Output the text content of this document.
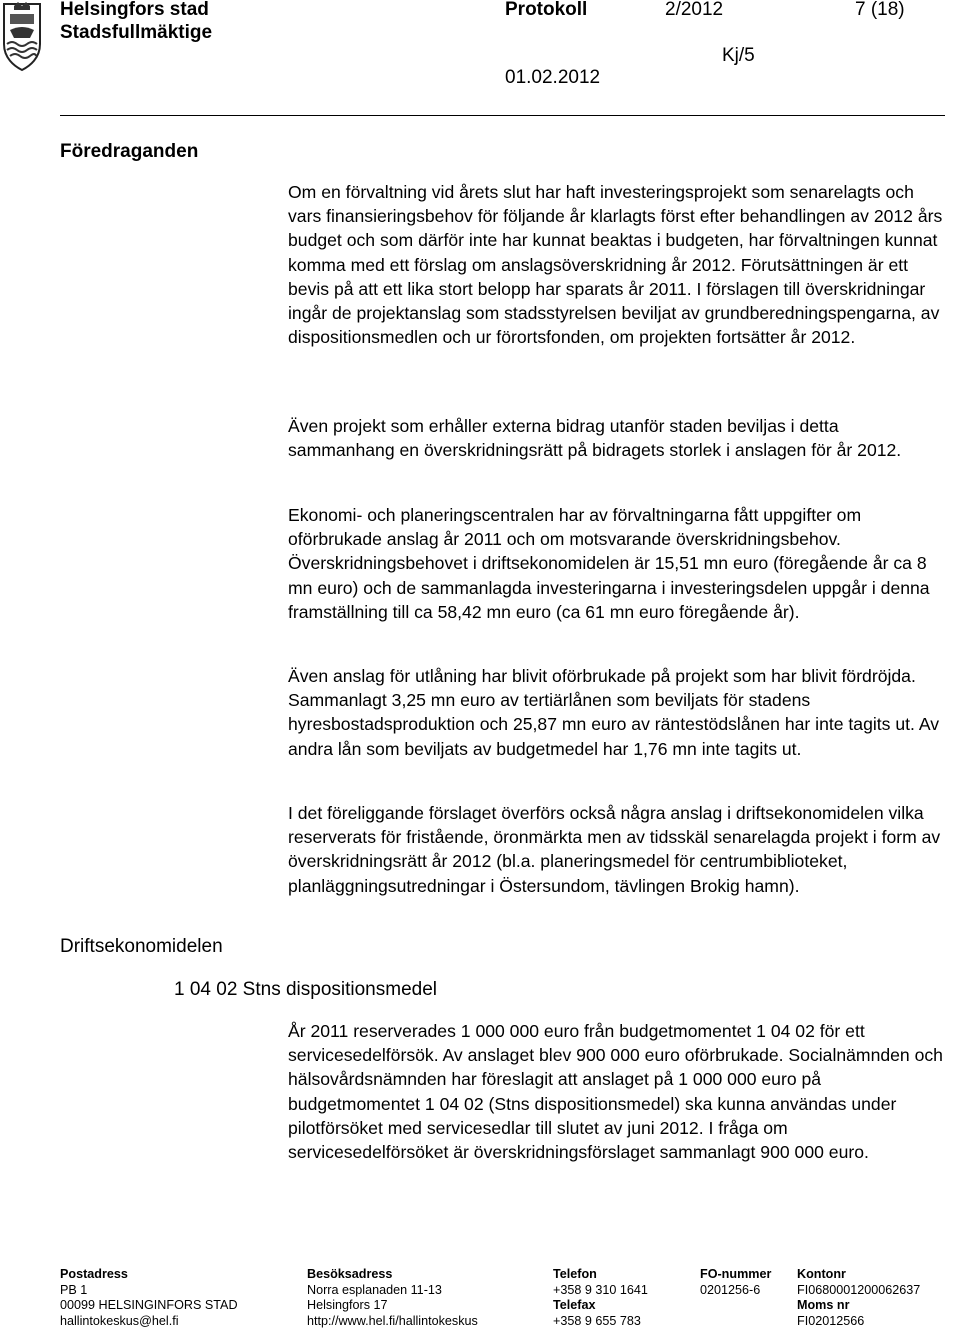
Helsingfors stad
Stadsfullmäktige
Protokoll	2/2012	7 (18)
Kj/5
01.02.2012
Föredraganden

Om en förvaltning vid årets slut har haft investeringsprojekt som senarelagts och vars finansieringsbehov för följande år klarlagts först efter behandlingen av 2012 års budget och som därför inte har kunnat beaktas i budgeten, har förvaltningen kunnat komma med ett förslag om anslagsöverskridning år 2012. Förutsättningen är ett bevis på att ett lika stort belopp har sparats år 2011. I förslagen till överskridningar ingår de projektanslag som stadsstyrelsen beviljat av grundberedningspengarna, av dispositionsmedlen och ur förortsfonden, om projekten fortsätter år 2012.

Även projekt som erhåller externa bidrag utanför staden beviljas i detta sammanhang en överskridningsrätt på bidragets storlek i anslagen för år 2012.

Ekonomi- och planeringscentralen har av förvaltningarna fått uppgifter om oförbrukade anslag år 2011 och om motsvarande överskridningsbehov. Överskridningsbehovet i driftsekonomidelen är 15,51 mn euro (föregående år ca 8 mn euro) och de sammanlagda investeringarna i investeringsdelen uppgår i denna framställning till ca 58,42 mn euro (ca 61 mn euro föregående år).

Även anslag för utlåning har blivit oförbrukade på projekt som har blivit fördröjda. Sammanlagt 3,25 mn euro av tertiärlånen som beviljats för stadens hyresbostadsproduktion och 25,87 mn euro av räntestödslånen har inte tagits ut. Av andra lån som beviljats av budgetmedel har 1,76 mn inte tagits ut.

I det föreliggande förslaget överförs också några anslag i driftsekonomidelen vilka reserverats för fristående, öronmärkta men av tidsskäl senarelagda projekt i form av överskridningsrätt år 2012 (bl.a. planeringsmedel för centrumbiblioteket, planläggningsutredningar i Östersundom, tävlingen Brokig hamn).

Driftsekonomidelen
1 04 02 Stns dispositionsmedel

År 2011 reserverades 1 000 000 euro från budgetmomentet 1 04 02 för ett servicesedelförsök. Av anslaget blev 900 000 euro oförbrukade. Socialnämnden och hälsovårdsnämnden har föreslagit att anslaget på 1 000 000 euro på budgetmomentet 1 04 02 (Stns dispositionsmedel) ska kunna användas under pilotförsöket med servicesedlar till slutet av juni 2012. I fråga om servicesedelförsöket är överskridningsförslaget sammanlagt 900 000 euro.

Postadress
PB 1
00099 HELSINGINFORS STAD
hallintokeskus@hel.fi
Besöksadress
Norra esplanaden 11-13
Helsingfors 17
http://www.hel.fi/hallintokeskus
Telefon
+358 9 310 1641
Telefax
+358 9 655 783
FO-nummer
0201256-6
Kontonr
FI0680001200062637
Moms nr
FI02012566
